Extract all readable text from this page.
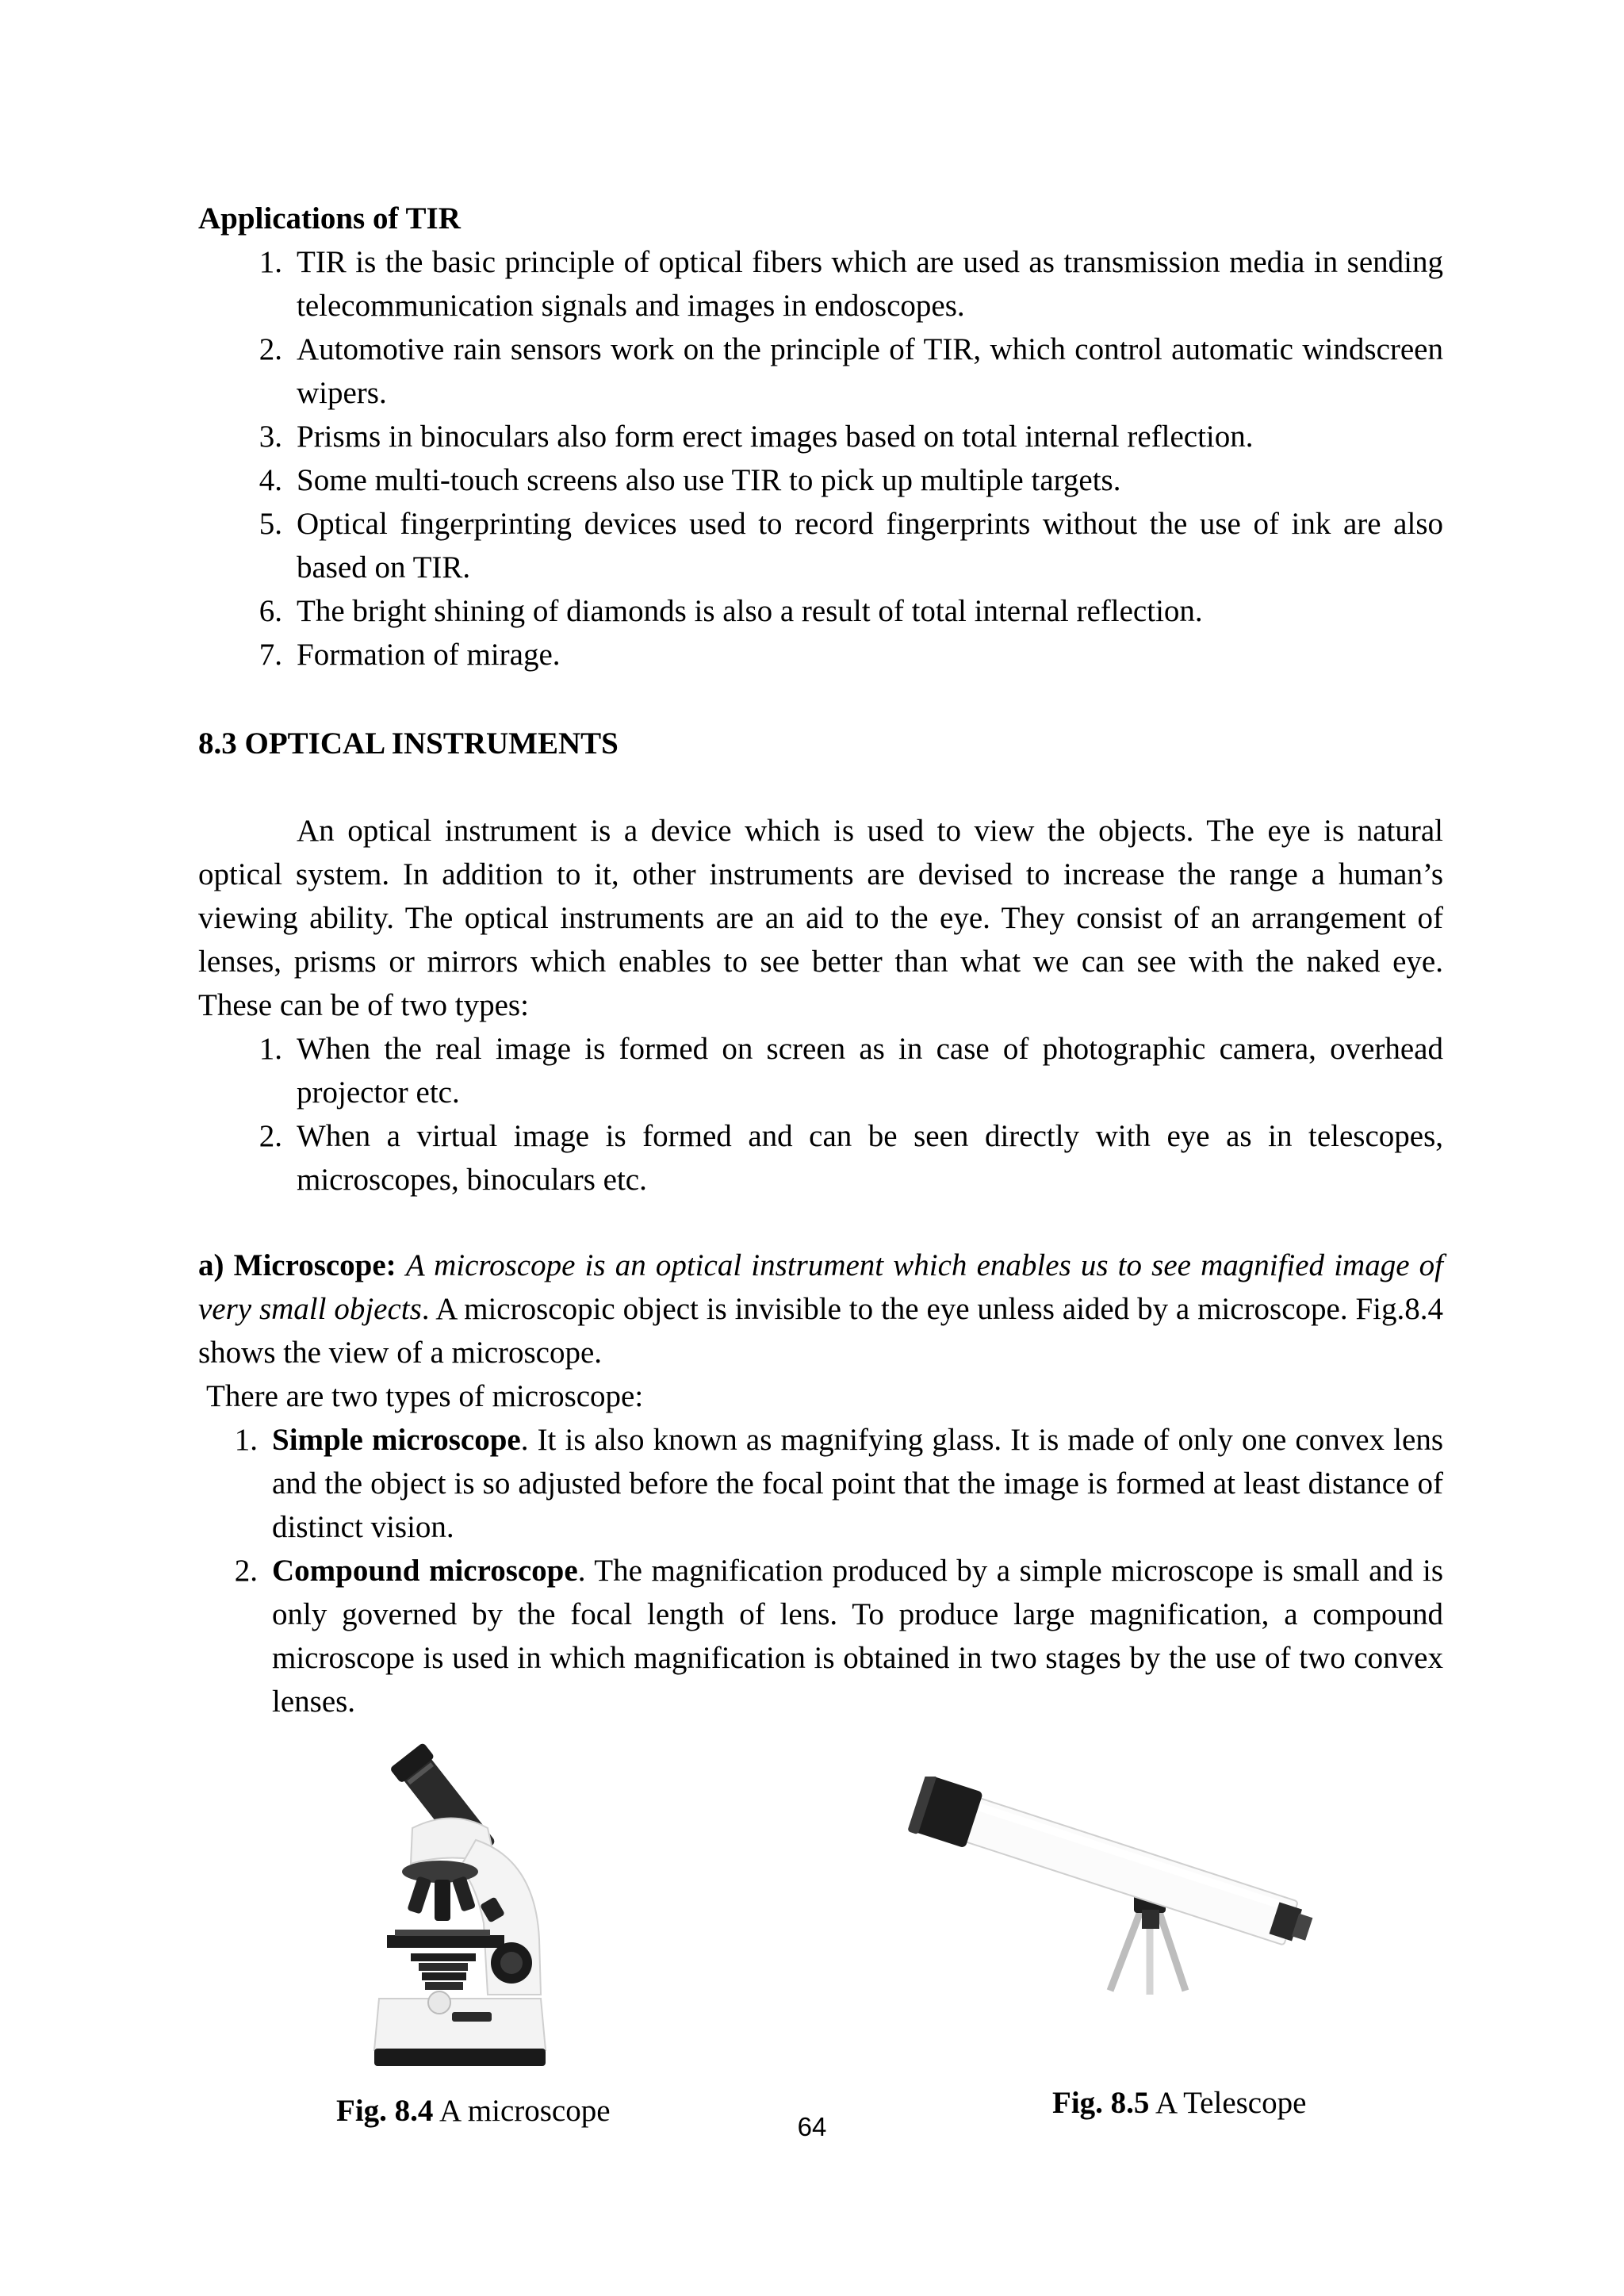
Applications of TIR
1. TIR is the basic principle of optical fibers which are used as transmission media in sending telecommunication signals and images in endoscopes.
2. Automotive rain sensors work on the principle of TIR, which control automatic windscreen wipers.
3. Prisms in binoculars also form erect images based on total internal reflection.
4. Some multi-touch screens also use TIR to pick up multiple targets.
5. Optical fingerprinting devices used to record fingerprints without the use of ink are also based on TIR.
6. The bright shining of diamonds is also a result of total internal reflection.
7. Formation of mirage.
8.3 OPTICAL INSTRUMENTS

An optical instrument is a device which is used to view the objects. The eye is natural optical system. In addition to it, other instruments are devised to increase the range a human’s viewing ability. The optical instruments are an aid to the eye. They consist of an arrangement of lenses, prisms or mirrors which enables to see better than what we can see with the naked eye. These can be of two types:

1. When the real image is formed on screen as in case of photographic camera, overhead projector etc.
2. When a virtual image is formed and can be seen directly with eye as in telescopes, microscopes, binoculars etc.

a) Microscope: A microscope is an optical instrument which enables us to see magnified image of very small objects. A microscopic object is invisible to the eye unless aided by a microscope. Fig.8.4 shows the view of a microscope.

There are two types of microscope:

1. Simple microscope. It is also known as magnifying glass. It is made of only one convex lens and the object is so adjusted before the focal point that the image is formed at least distance of distinct vision.
2. Compound microscope. The magnification produced by a simple microscope is small and is only governed by the focal length of lens. To produce large magnification, a compound microscope is used in which magnification is obtained in two stages by the use of two convex lenses.
Fig. 8.4 A microscope	Fig. 8.5 A Telescope
64
